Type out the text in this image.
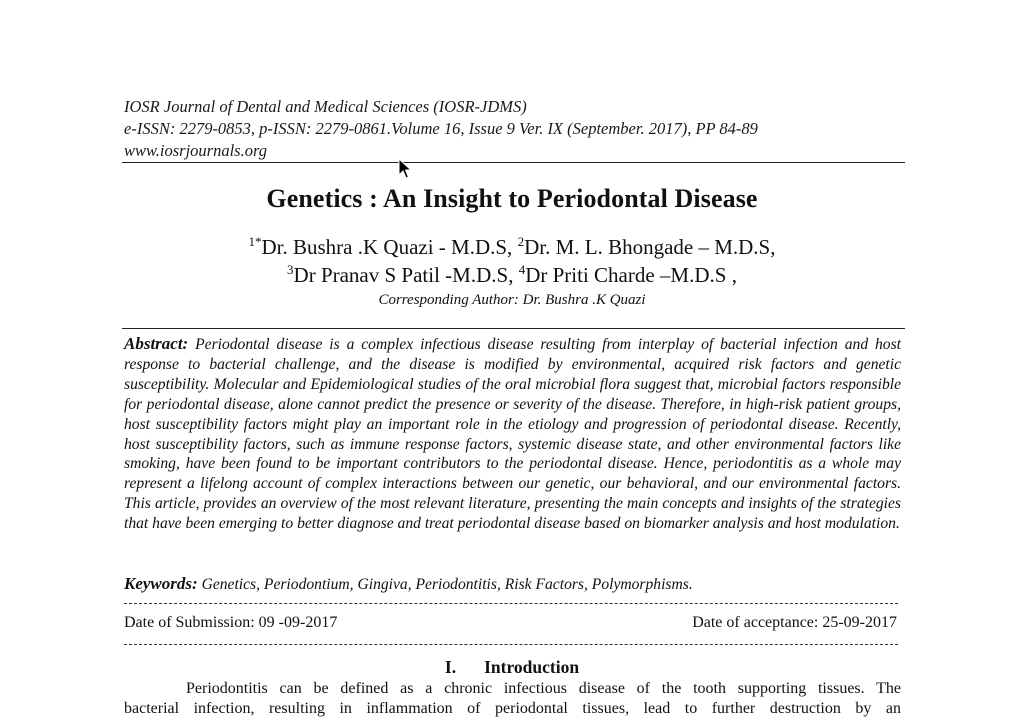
IOSR Journal of Dental and Medical Sciences (IOSR-JDMS)
e-ISSN: 2279-0853, p-ISSN: 2279-0861.Volume 16, Issue 9 Ver. IX (September. 2017), PP 84-89
www.iosrjournals.org
Genetics : An Insight to Periodontal Disease
$^{1*}$Dr. Bushra .K Quazi - M.D.S, $^2$Dr. M. L. Bhongade – M.D.S,
$^3$Dr Pranav S Patil -M.D.S, $^4$Dr Priti Charde –M.D.S ,
Corresponding Author: Dr. Bushra .K Quazi
Abstract: Periodontal disease is a complex infectious disease resulting from interplay of bacterial infection and host response to bacterial challenge, and the disease is modified by environmental, acquired risk factors and genetic susceptibility. Molecular and Epidemiological studies of the oral microbial flora suggest that, microbial factors responsible for periodontal disease, alone cannot predict the presence or severity of the disease. Therefore, in high-risk patient groups, host susceptibility factors might play an important role in the etiology and progression of periodontal disease. Recently, host susceptibility factors, such as immune response factors, systemic disease state, and other environmental factors like smoking, have been found to be important contributors to the periodontal disease. Hence, periodontitis as a whole may represent a lifelong account of complex interactions between our genetic, our behavioral, and our environmental factors. This article, provides an overview of the most relevant literature, presenting the main concepts and insights of the strategies that have been emerging to better diagnose and treat periodontal disease based on biomarker analysis and host modulation.
Keywords: Genetics, Periodontium, Gingiva, Periodontitis, Risk Factors, Polymorphisms.
Date of Submission: 09 -09-2017	Date of acceptance: 25-09-2017
I. Introduction
Periodontitis can be defined as a chronic infectious disease of the tooth supporting tissues. The
bacterial infection, resulting in inflammation of periodontal tissues, lead to further destruction by an
